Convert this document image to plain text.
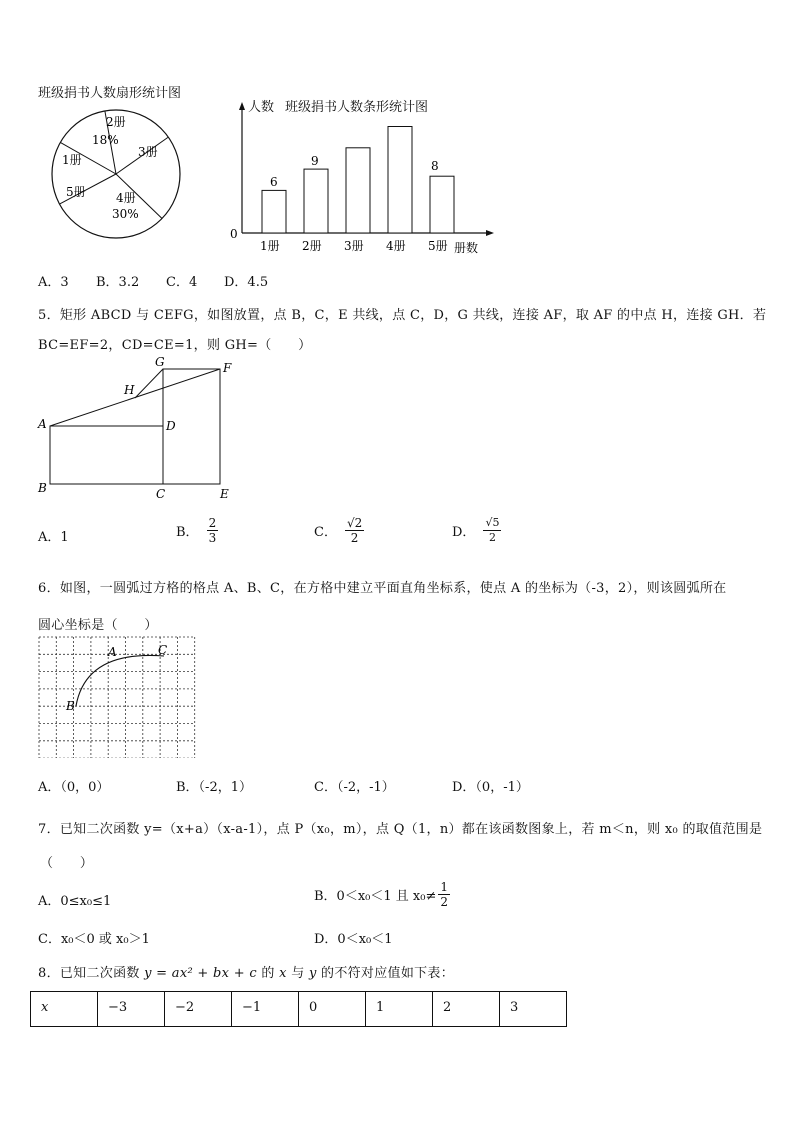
班级捐书人数扇形统计图
2册
18%
3册
4册
30%
5册
1册
人数 班级捐书人数条形统计图
0
1册 2册 3册 4册 5册 册数
6
9	8
A．3 B．3.2 C．4 D．4.5
5．矩形 ABCD 与 CEFG，如图放置，点 B，C，E 共线，点 C，D，G 共线，连接 AF，取 AF 的中点 H，连接 GH．若
BC=EF=2，CD=CE=1，则 GH=（　　）
A
B	C
D
E
F
G
H
A．1	B． $\frac{2}{3}$	C． $\frac{√2}{2}$	D． $\frac{√5}{2}$
6．如图，一圆弧过方格的格点 A、B、C，在方格中建立平面直角坐标系，使点 A 的坐标为（-3，2），则该圆弧所在
圆心坐标是（　　）
A
B
C
A．（0，0）	B．（-2，1）	C．（-2，-1）	D．（0，-1）
7．已知二次函数 y=（x+a）（x-a-1），点 P（x₀，m），点 Q（1，n）都在该函数图象上，若 m＜n，则 x₀ 的取值范围是
（　　）
A．0≤x₀≤1	B．0＜x₀＜1 且 $x_0\ne \frac{1}{2}$
C．x₀＜0 或 x₀＞1	D．0＜x₀＜1
8．已知二次函数 y = ax² + bx + c 的 x 与 y 的不符对应值如下表：
x	−3	−2	−1	0	1	2	3
